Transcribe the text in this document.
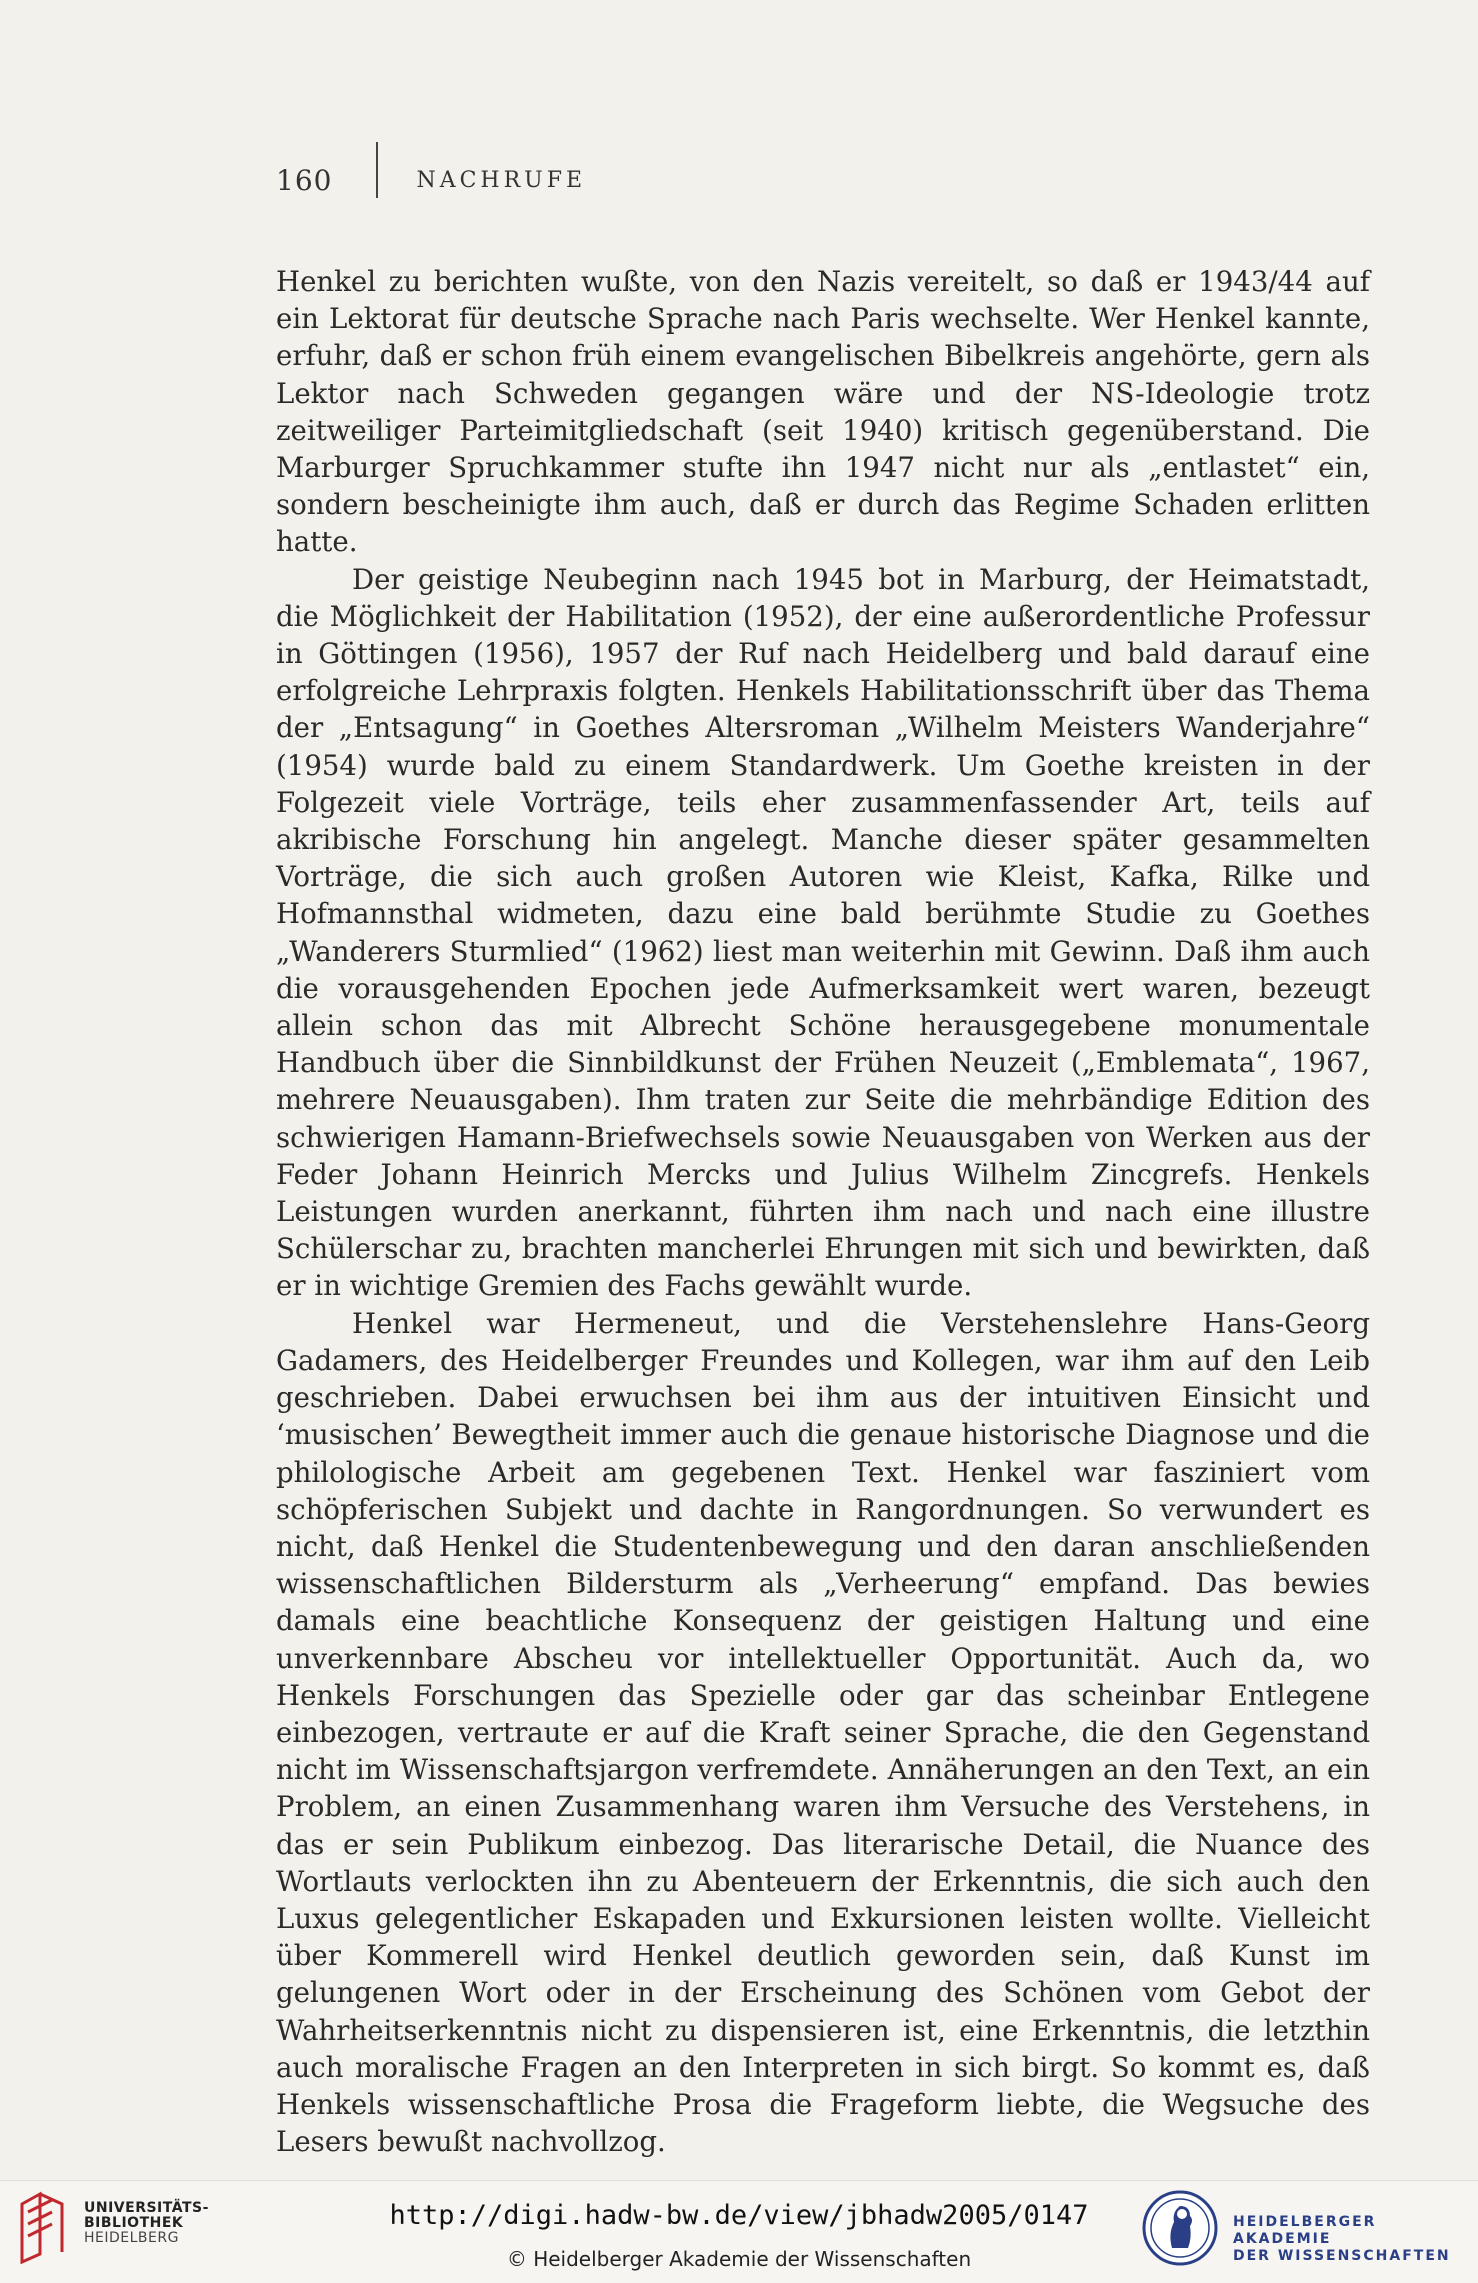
160	NACHRUFE

Henkel zu berichten wußte, von den Nazis vereitelt, so daß er 1943/44 auf ein Lektorat für deutsche Sprache nach Paris wechselte. Wer Henkel kannte, erfuhr, daß er schon früh einem evangelischen Bibelkreis angehörte, gern als Lektor nach Schweden gegangen wäre und der NS-Ideologie trotz zeitweiliger Parteimitgliedschaft (seit 1940) kritisch gegenüberstand. Die Marburger Spruchkammer stufte ihn 1947 nicht nur als „entlastet“ ein, sondern bescheinigte ihm auch, daß er durch das Regime Schaden erlitten hatte.

Der geistige Neubeginn nach 1945 bot in Marburg, der Heimatstadt, die Möglichkeit der Habilitation (1952), der eine außerordentliche Professur in Göttingen (1956), 1957 der Ruf nach Heidelberg und bald darauf eine erfolgreiche Lehrpraxis folgten. Henkels Habilitationsschrift über das Thema der „Entsagung“ in Goethes Altersroman „Wilhelm Meisters Wanderjahre“ (1954) wurde bald zu einem Standardwerk. Um Goethe kreisten in der Folgezeit viele Vorträge, teils eher zusammenfassender Art, teils auf akribische Forschung hin angelegt. Manche dieser später gesammelten Vorträge, die sich auch großen Autoren wie Kleist, Kafka, Rilke und Hofmannsthal widmeten, dazu eine bald berühmte Studie zu Goethes „Wanderers Sturmlied“ (1962) liest man weiterhin mit Gewinn. Daß ihm auch die vorausgehenden Epochen jede Aufmerksamkeit wert waren, bezeugt allein schon das mit Albrecht Schöne herausgegebene monumentale Handbuch über die Sinnbildkunst der Frühen Neuzeit („Emblemata“, 1967, mehrere Neuausgaben). Ihm traten zur Seite die mehrbändige Edition des schwierigen Hamann-Briefwechsels sowie Neuausgaben von Werken aus der Feder Johann Heinrich Mercks und Julius Wilhelm Zincgrefs. Henkels Leistungen wurden anerkannt, führten ihm nach und nach eine illustre Schülerschar zu, brachten mancherlei Ehrungen mit sich und bewirkten, daß er in wichtige Gremien des Fachs gewählt wurde.

Henkel war Hermeneut, und die Verstehenslehre Hans-Georg Gadamers, des Heidelberger Freundes und Kollegen, war ihm auf den Leib geschrieben. Dabei erwuchsen bei ihm aus der intuitiven Einsicht und ‘musischen’ Bewegtheit immer auch die genaue historische Diagnose und die philologische Arbeit am gegebenen Text. Henkel war fasziniert vom schöpferischen Subjekt und dachte in Rangordnungen. So verwundert es nicht, daß Henkel die Studentenbewegung und den daran anschließenden wissenschaftlichen Bildersturm als „Verheerung“ empfand. Das bewies damals eine beachtliche Konsequenz der geistigen Haltung und eine unverkennbare Abscheu vor intellektueller Opportunität. Auch da, wo Henkels Forschungen das Spezielle oder gar das scheinbar Entlegene einbezogen, vertraute er auf die Kraft seiner Sprache, die den Gegenstand nicht im Wissenschaftsjargon verfremdete. Annäherungen an den Text, an ein Problem, an einen Zusammenhang waren ihm Versuche des Verstehens, in das er sein Publikum einbezog. Das literarische Detail, die Nuance des Wortlauts verlockten ihn zu Abenteuern der Erkenntnis, die sich auch den Luxus gelegentlicher Eskapaden und Exkursionen leisten wollte. Vielleicht über Kommerell wird Henkel deutlich geworden sein, daß Kunst im gelungenen Wort oder in der Erscheinung des Schönen vom Gebot der Wahrheitserkenntnis nicht zu dispensieren ist, eine Erkenntnis, die letzthin auch moralische Fragen an den Interpreten in sich birgt. So kommt es, daß Henkels wissenschaftliche Prosa die Frageform liebte, die Wegsuche des Lesers bewußt nachvollzog.

UNIVERSITÄTS-
BIBLIOTHEK
HEIDELBERG
http://digi.hadw-bw.de/view/jbhadw2005/0147
© Heidelberger Akademie der Wissenschaften
HEIDELBERGER AKADEMIE
DER WISSENSCHAFTEN
